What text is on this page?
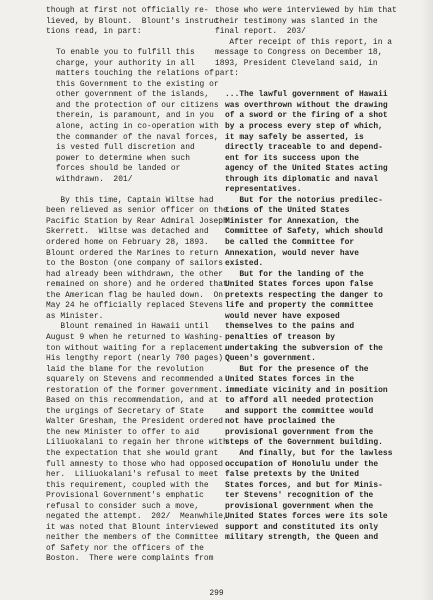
though at first not officially re-
lieved, by Blount.  Blount's instruc-
tions read, in part:
To enable you to fulfill this
charge, your authority in all
matters touching the relations of
this Government to the existing or
other government of the islands,
and the protection of our citizens
therein, is paramount, and in you
alone, acting in co-operation with
the commander of the naval forces,
is vested full discretion and
power to determine when such
forces should be landed or
withdrawn.  201/
By this time, Captain Wiltse had
been relieved as senior officer on the
Pacific Station by Rear Admiral Joseph
Skerrett.  Wiltse was detached and
ordered home on February 28, 1893.
Blount ordered the Marines to return
to the Boston (one company of sailors
had already been withdrawn, the other
remained on shore) and he ordered that
the American flag be hauled down.  On
May 24 he officially replaced Stevens
as Minister.
Blount remained in Hawaii until
August 9 when he returned to Washing-
ton without waiting for a replacement.
His lengthy report (nearly 700 pages)
laid the blame for the revolution
squarely on Stevens and recommended a
restoration of the former government.
Based on this recommendation, and at
the urgings of Secretary of State
Walter Gresham, the President ordered
the new Minister to offer to aid
Liliuokalani to regain her throne with
the expectation that she would grant
full amnesty to those who had opposed
her.  Liliuokalani's refusal to meet
this requirement, coupled with the
Provisional Government's emphatic
refusal to consider such a move,
negated the attempt.  202/  Meanwhile,
it was noted that Blount interviewed
neither the members of the Committee
of Safety nor the officers of the
Boston.  There were complaints from
those who were interviewed by him that
their testimony was slanted in the
final report.  203/
After receipt of this report, in a
message to Congress on December 18,
1893, President Cleveland said, in
part:
...The lawful government of Hawaii
was overthrown without the drawing
of a sword or the firing of a shot
by a process every step of which,
it may safely be asserted, is
directly traceable to and depend-
ent for its success upon the
agency of the United States acting
through its diplomatic and naval
representatives.
But for the notorius predilec-
tions of the United States
Minister for Annexation, the
Committee of Safety, which should
be called the Committee for
Annexation, would never have
existed.
But for the landing of the
United States forces upon false
pretexts respecting the danger to
life and property the committee
would never have exposed
themselves to the pains and
penalties of treason by
undertaking the subversion of the
Queen's government.
But for the presence of the
United States forces in the
immediate vicinity and in position
to afford all needed protection
and support the committee would
not have proclaimed the
provisional government from the
steps of the Government building.
And finally, but for the lawless
occupation of Honolulu under the
false pretexts by the United
States forces, and but for Minis-
ter Stevens' recognition of the
provisional government when the
United States forces were its sole
support and constituted its only
military strength, the Queen and
299
